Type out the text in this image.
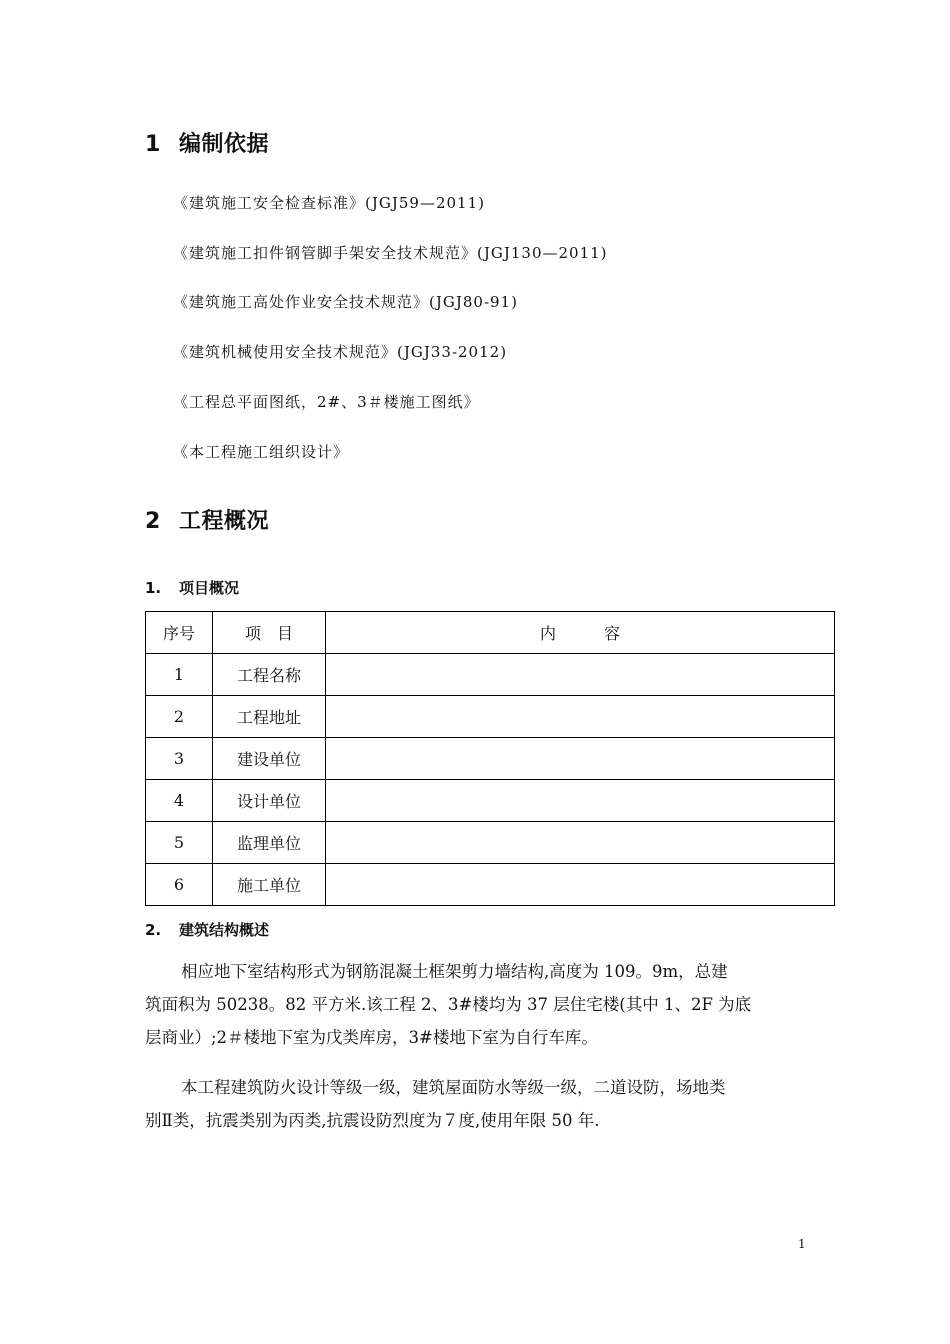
1 编制依据
《建筑施工安全检查标准》(JGJ59—2011)
《建筑施工扣件钢管脚手架安全技术规范》(JGJ130—2011)
《建筑施工高处作业安全技术规范》(JGJ80-91)
《建筑机械使用安全技术规范》(JGJ33-2012)
《工程总平面图纸，2#、3＃楼施工图纸》
《本工程施工组织设计》
2 工程概况
1. 项目概况
序号	项　目	内　　　容
1	工程名称	
2	工程地址	
3	建设单位	
4	设计单位	
5	监理单位	
6	施工单位	
2. 建筑结构概述
相应地下室结构形式为钢筋混凝土框架剪力墙结构,高度为 109。9m，总建
筑面积为 50238。82 平方米.该工程 2、3#楼均为 37 层住宅楼(其中 1、2F 为底
层商业）;2＃楼地下室为戊类库房，3#楼地下室为自行车库。
本工程建筑防火设计等级一级，建筑屋面防水等级一级，二道设防，场地类
别Ⅱ类，抗震类别为丙类,抗震设防烈度为７度,使用年限 50 年.
1
